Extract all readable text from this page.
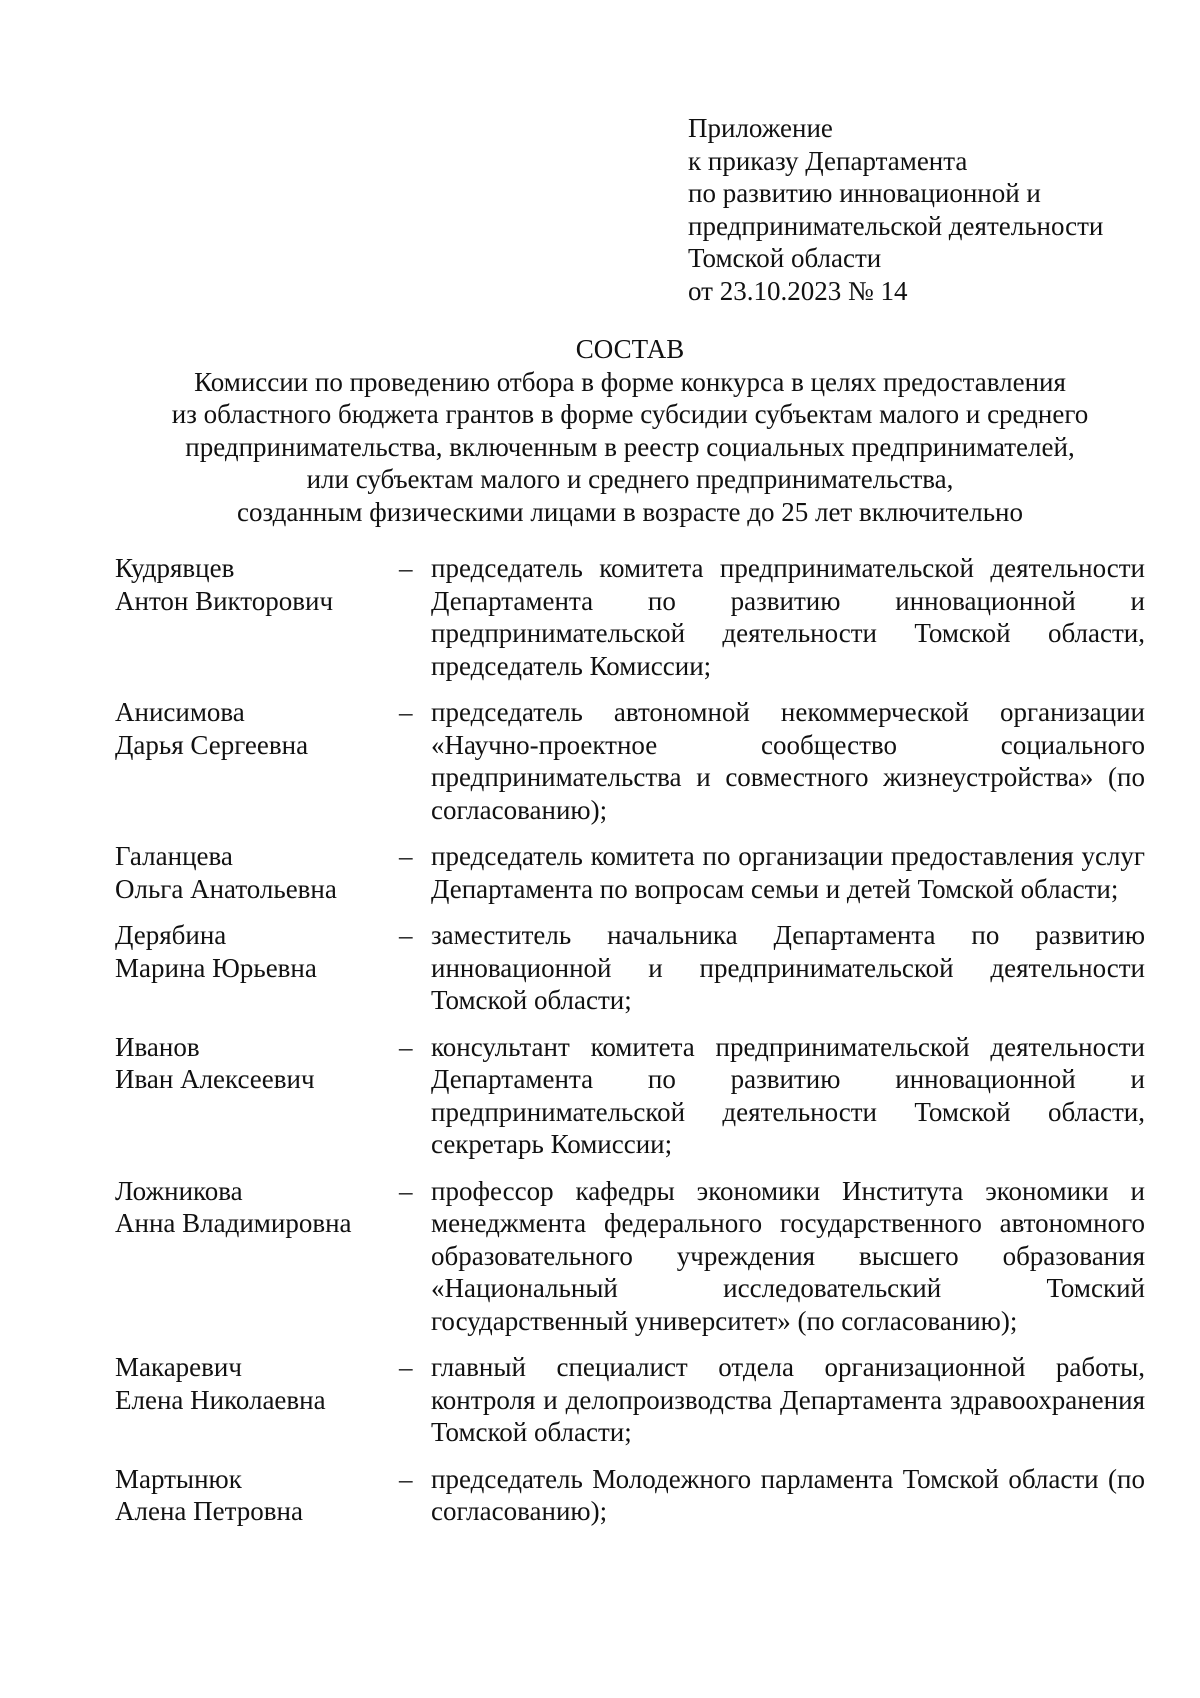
Приложение
к приказу Департамента
по развитию инновационной и
предпринимательской деятельности
Томской области
от 23.10.2023 № 14
СОСТАВ
Комиссии по проведению отбора в форме конкурса в целях предоставления
из областного бюджета грантов в форме субсидии субъектам малого и среднего
предпринимательства, включенным в реестр социальных предпринимателей,
или субъектам малого и среднего предпринимательства,
созданным физическими лицами в возрасте до 25 лет включительно
Кудрявцев
Антон Викторович
– председатель комитета предпринимательской деятельности Департамента по развитию инновационной и предпринимательской деятельности Томской области, председатель Комиссии;
Анисимова
Дарья Сергеевна
– председатель автономной некоммерческой организации «Научно-проектное сообщество социального предпринимательства и совместного жизнеустройства» (по согласованию);
Галанцева
Ольга Анатольевна
– председатель комитета по организации предоставления услуг Департамента по вопросам семьи и детей Томской области;
Дерябина
Марина Юрьевна
– заместитель начальника Департамента по развитию инновационной и предпринимательской деятельности Томской области;
Иванов
Иван Алексеевич
– консультант комитета предпринимательской деятельности Департамента по развитию инновационной и предпринимательской деятельности Томской области, секретарь Комиссии;
Ложникова
Анна Владимировна
– профессор кафедры экономики Института экономики и менеджмента федерального государственного автономного образовательного учреждения высшего образования «Национальный исследовательский Томский государственный университет» (по согласованию);
Макаревич
Елена Николаевна
– главный специалист отдела организационной работы, контроля и делопроизводства Департамента здравоохранения Томской области;
Мартынюк
Алена Петровна
– председатель Молодежного парламента Томской области (по согласованию);
